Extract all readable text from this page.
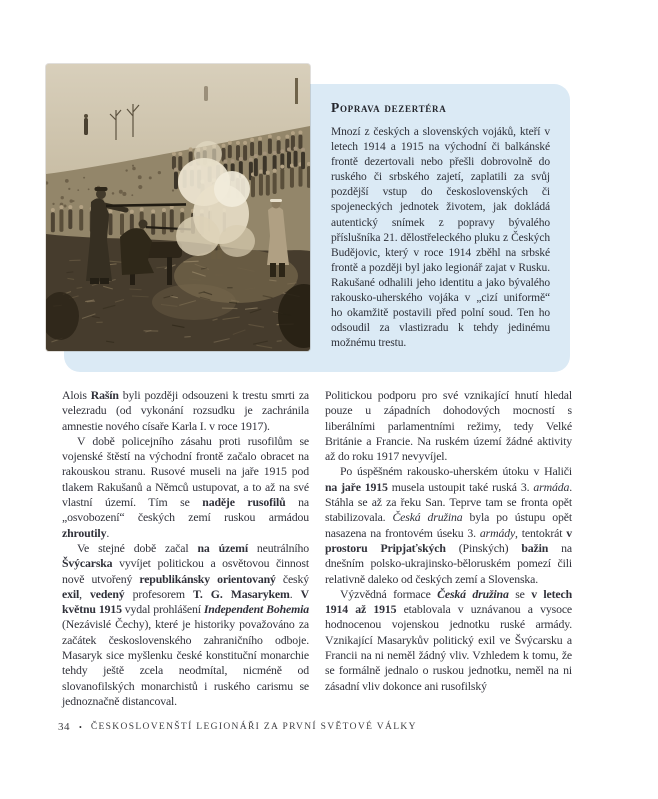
Poprava dezertéra

Mnozí z českých a slovenských vojáků, kteří v letech 1914 a 1915 na východní či balkánské frontě dezertovali nebo přešli dobrovolně do ruského či srbského zajetí, zaplatili za svůj pozdější vstup do československých či spojeneckých jednotek životem, jak dokládá autentický snímek z popravy bývalého příslušníka 21. dělostřeleckého pluku z Českých Budějovic, který v roce 1914 zběhl na srbské frontě a později byl jako legionář zajat v Rusku. Rakušané odhalili jeho identitu a jako bývalého rakousko-uherského vojáka v „cizí uniformě“ ho okamžitě postavili před polní soud. Ten ho odsoudil za vlastizradu k tehdy jedinému možnému trestu.

Alois Rašín byli později odsouzeni k trestu smrti za velezradu (od vykonání rozsudku je zachránila amnestie nového císaře Karla I. v roce 1917).

V době policejního zásahu proti rusofilům se vojenské štěstí na východní frontě začalo obracet na rakouskou stranu. Rusové museli na jaře 1915 pod tlakem Rakušanů a Němců ustupovat, a to až na své vlastní území. Tím se naděje rusofilů na „osvobození“ českých zemí ruskou armádou zhroutily.

Ve stejné době začal na území neutrálního Švýcarska vyvíjet politickou a osvětovou činnost nově utvořený republikánsky orientovaný český exil, vedený profesorem T. G. Masarykem. V květnu 1915 vydal prohlášení Independent Bohemia (Nezávislé Čechy), které je historiky považováno za začátek československého zahraničního odboje. Masaryk sice myšlenku české konstituční monarchie tehdy ještě zcela neodmítal, nicméně od slovanofilských monarchistů i ruského carismu se jednoznačně distancoval.

Politickou podporu pro své vznikající hnutí hledal pouze u západních dohodových mocností s liberálními parlamentními režimy, tedy Velké Británie a Francie. Na ruském území žádné aktivity až do roku 1917 nevyvíjel.

Po úspěšném rakousko-uherském útoku v Haliči na jaře 1915 musela ustoupit také ruská 3. armáda. Stáhla se až za řeku San. Teprve tam se fronta opět stabilizovala. Česká družina byla po ústupu opět nasazena na frontovém úseku 3. armády, tentokrát v prostoru Pripjaťských (Pinských) bažin na dnešním polsko-ukrajinsko-běloruském pomezí čili relativně daleko od českých zemí a Slovenska.

Výzvědná formace Česká družina se v letech 1914 až 1915 etablovala v uznávanou a vysoce hodnocenou vojenskou jednotku ruské armády. Vznikající Masarykův politický exil ve Švýcarsku a Francii na ni neměl žádný vliv. Vzhledem k tomu, že se formálně jednalo o ruskou jednotku, neměl na ni zásadní vliv dokonce ani rusofilský

34 • ČESKOSLOVENŠTÍ LEGIONÁŘI ZA PRVNÍ SVĚTOVÉ VÁLKY
